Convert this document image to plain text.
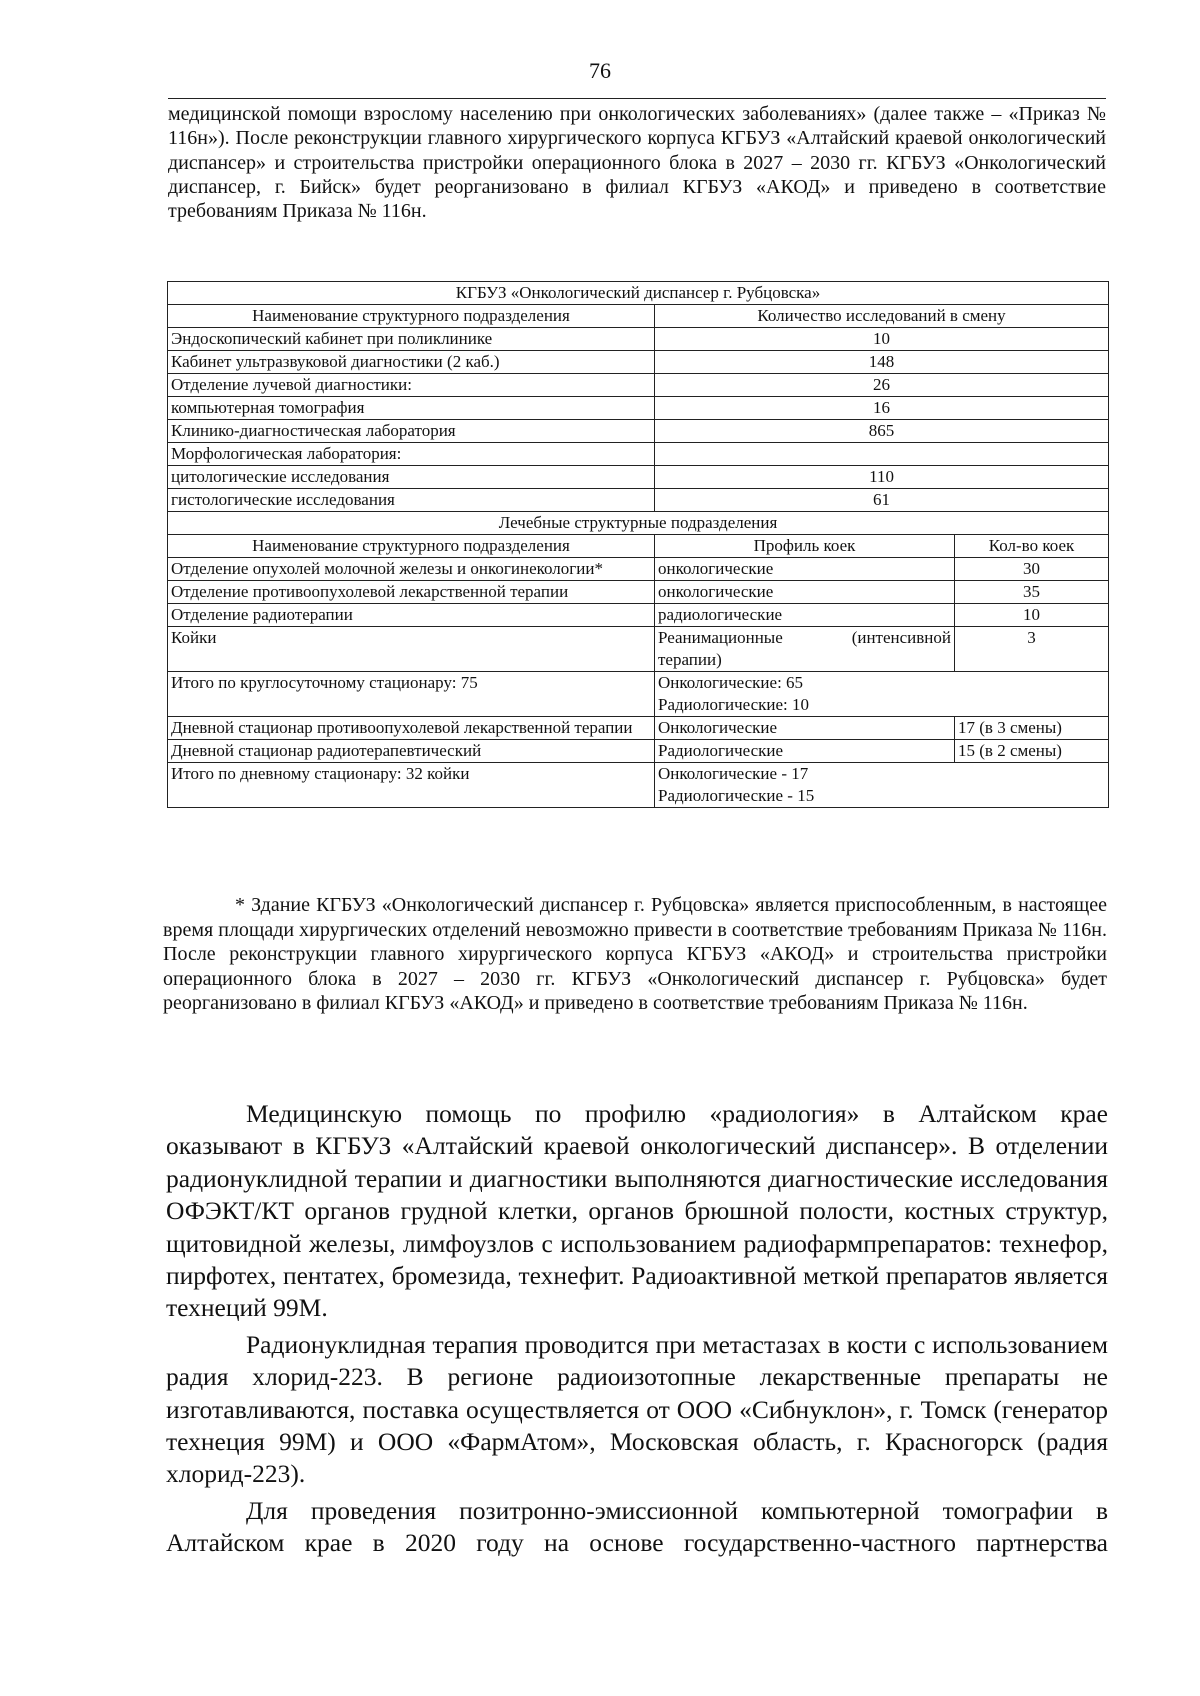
76

медицинской помощи взрослому населению при онкологических заболеваниях» (далее также – «Приказ № 116н»). После реконструкции главного хирургического корпуса КГБУЗ «Алтайский краевой онкологический диспансер» и строительства пристройки операционного блока в 2027 – 2030 гг. КГБУЗ «Онкологический диспансер, г. Бийск» будет реорганизовано в филиал КГБУЗ «АКОД» и приведено в соответствие требованиям Приказа № 116н.

КГБУЗ «Онкологический диспансер г. Рубцовска»		
Наименование структурного подразделения	Количество исследований в смену	
Эндоскопический кабинет при поликлинике	10	
Кабинет ультразвуковой диагностики (2 каб.)	148	
Отделение лучевой диагностики:	26	
компьютерная томография	16	
Клинико-диагностическая лаборатория	865	
Морфологическая лаборатория:		
цитологические исследования	110	
гистологические исследования	61	
Лечебные структурные подразделения		
Наименование структурного подразделения	Профиль коек	Кол-во коек
Отделение опухолей молочной железы и онкогинекологии*	онкологические	30
Отделение противоопухолевой лекарственной терапии	онкологические	35
Отделение радиотерапии	радиологические	10
Койки	Реанимационные (интенсивной терапии)	3
Итого по круглосуточному стационару: 75	Онкологические: 65
Радиологические: 10	

Дневной стационар противоопухолевой лекарственной терапии	Онкологические	17 (в 3 смены)
Дневной стационар радиотерапевтический	Радиологические	15 (в 2 смены)
Итого по дневному стационару: 32 койки	Онкологические - 17
Радиологические - 15	

* Здание КГБУЗ «Онкологический диспансер г. Рубцовска» является приспособленным, в настоящее время площади хирургических отделений невозможно привести в соответствие требованиям Приказа № 116н. После реконструкции главного хирургического корпуса КГБУЗ «АКОД» и строительства пристройки операционного блока в 2027 – 2030 гг. КГБУЗ «Онкологический диспансер г. Рубцовска» будет реорганизовано в филиал КГБУЗ «АКОД» и приведено в соответствие требованиям Приказа № 116н.

Медицинскую помощь по профилю «радиология» в Алтайском крае оказывают в КГБУЗ «Алтайский краевой онкологический диспансер». В отделении радионуклидной терапии и диагностики выполняются диагностические исследования ОФЭКТ/КТ органов грудной клетки, органов брюшной полости, костных структур, щитовидной железы, лимфоузлов с использованием радиофармпрепаратов: технефор, пирфотех, пентатех, бромезида, технефит. Радиоактивной меткой препаратов является технеций 99М.

Радионуклидная терапия проводится при метастазах в кости с использованием радия хлорид-223. В регионе радиоизотопные лекарственные препараты не изготавливаются, поставка осуществляется от ООО «Сибнуклон», г. Томск (генератор технеция 99М) и ООО «ФармАтом», Московская область, г. Красногорск (радия хлорид-223).

Для проведения позитронно-эмиссионной компьютерной томографии в Алтайском крае в 2020 году на основе государственно-частного партнерства
